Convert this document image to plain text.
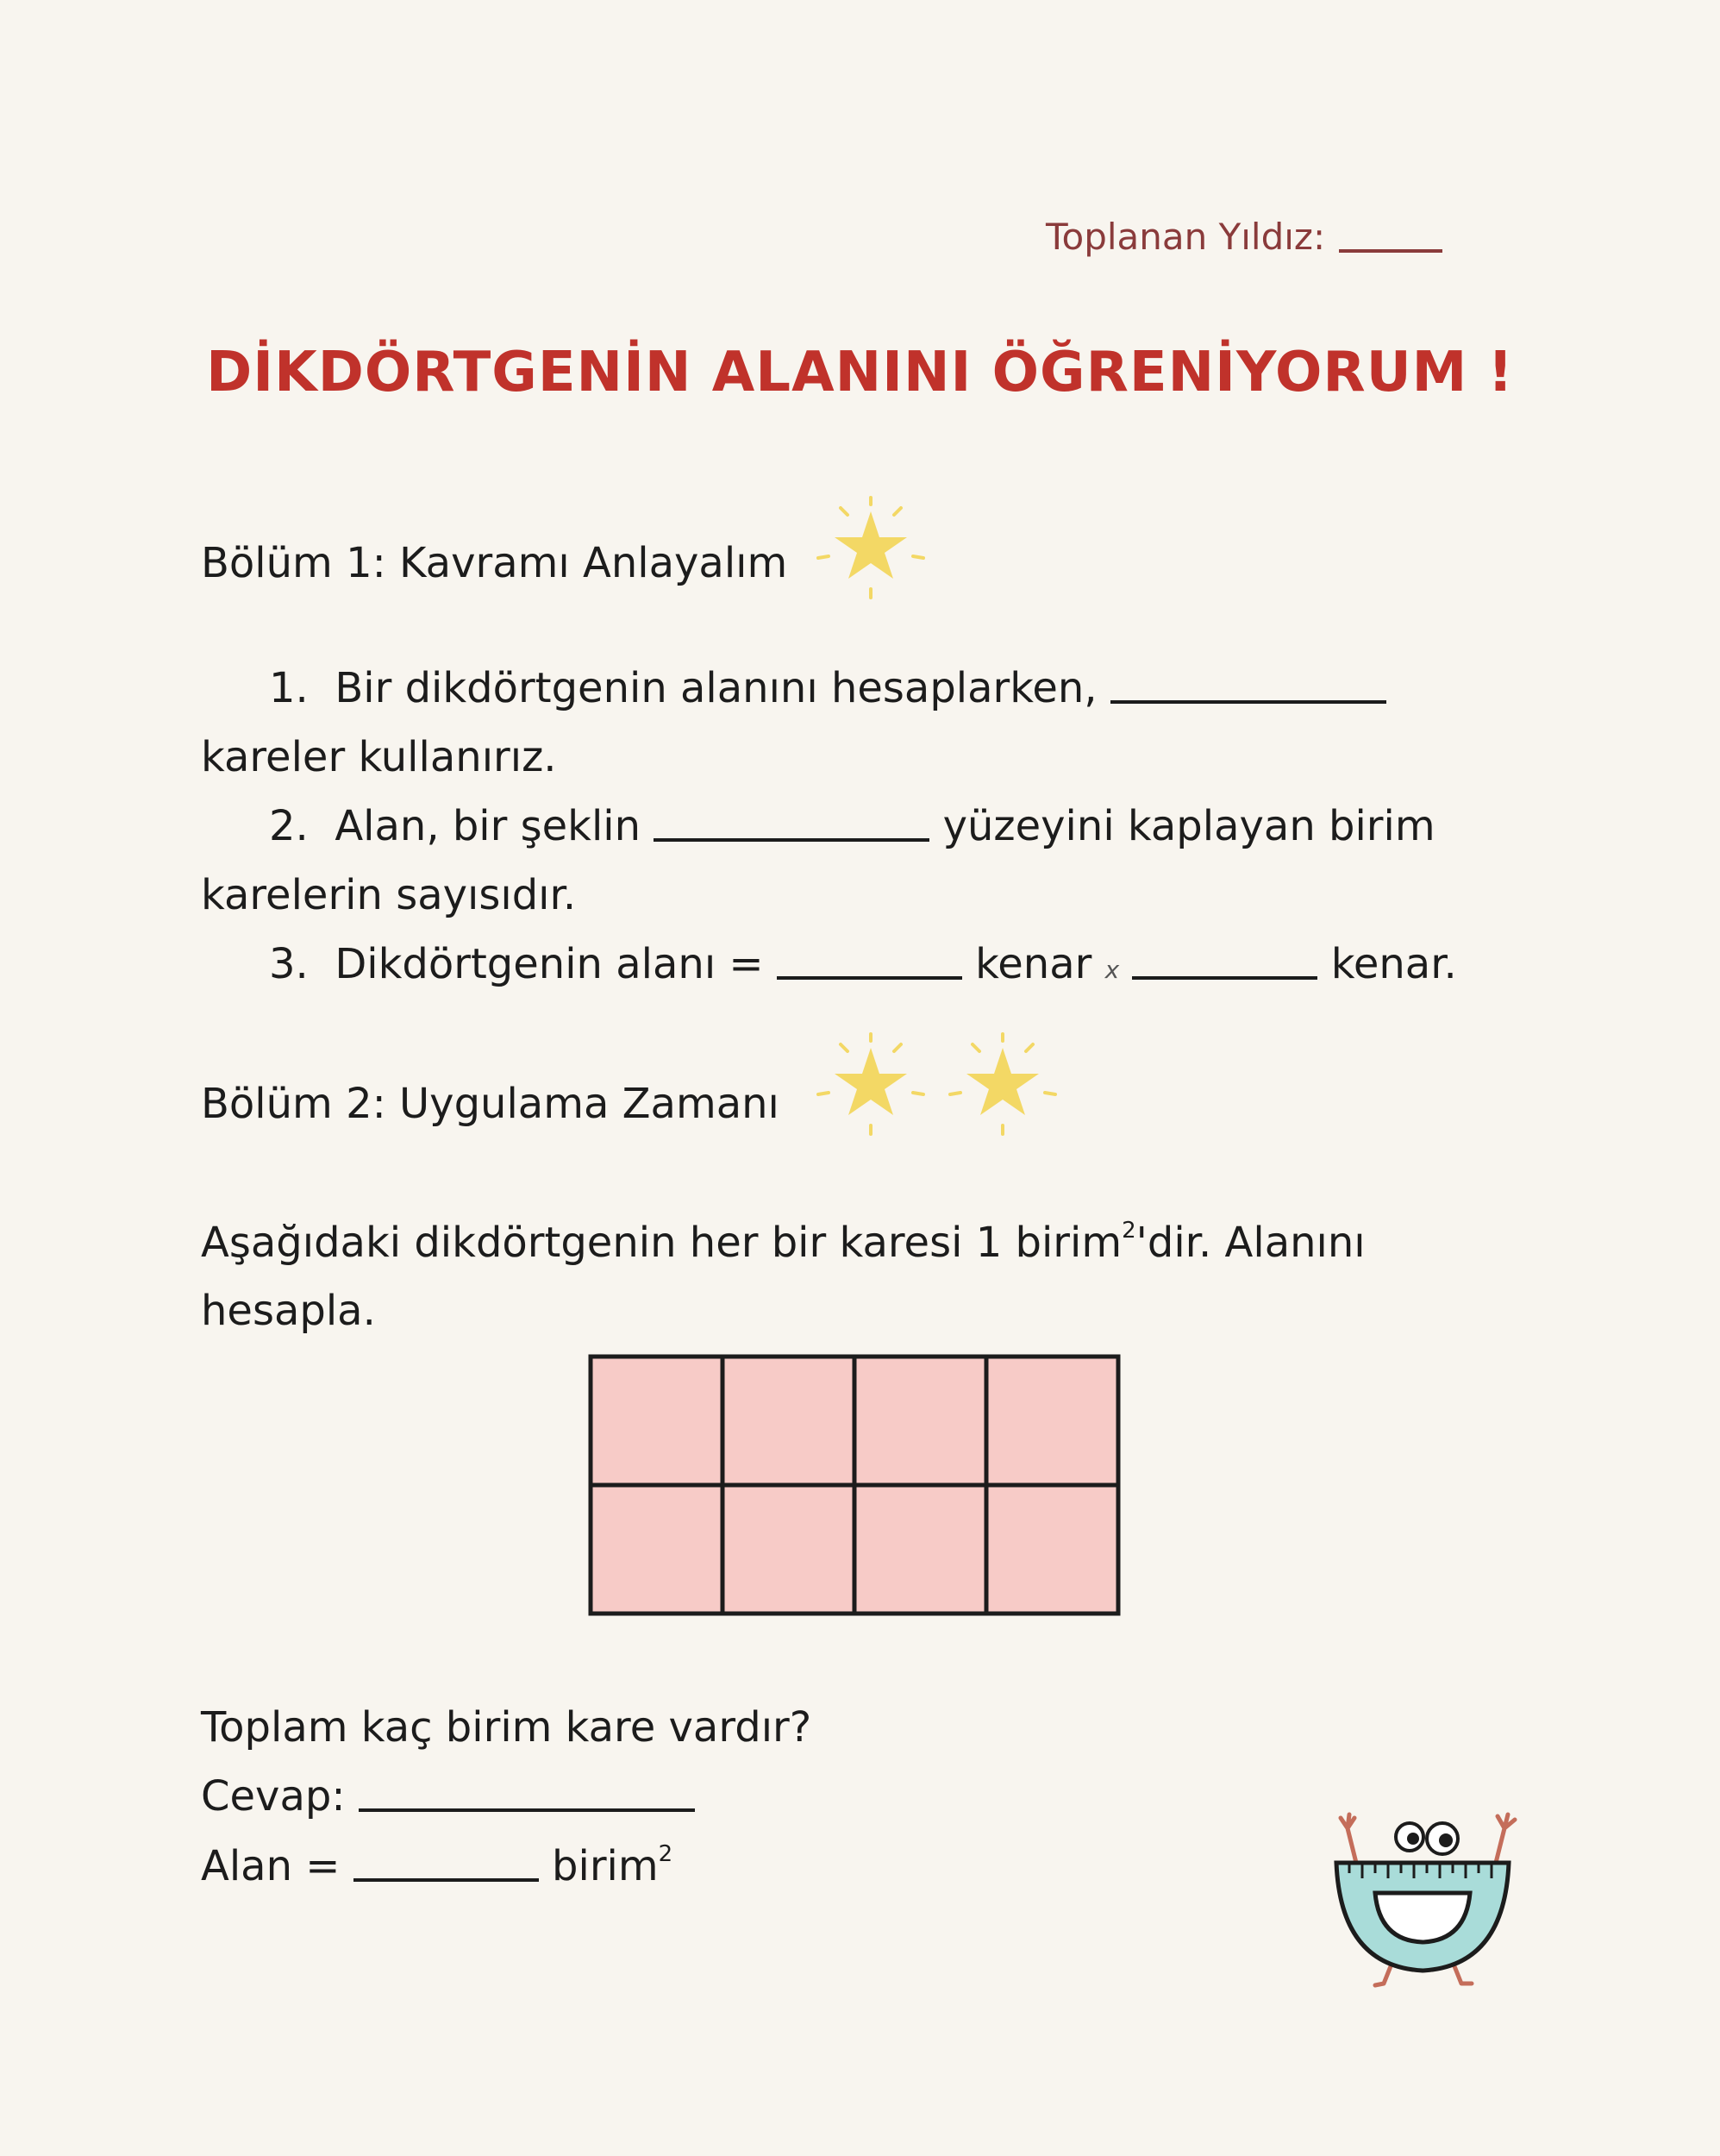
Toplanan Yıldız:
DİKDÖRTGENİN ALANINI ÖĞRENİYORUM !
Bölüm 1: Kavramı Anlayalım
1. Bir dikdörtgenin alanını hesaplarken,
kareler kullanırız.
2. Alan, bir şeklin	yüzeyini kaplayan birim
karelerin sayısıdır.
3. Dikdörtgenin alanı =	kenar x	kenar.
Bölüm 2: Uygulama Zamanı
Aşağıdaki dikdörtgenin her bir karesi 1 birim$^2$'dir. Alanını
hesapla.
Toplam kaç birim kare vardır?
Cevap:
Alan =	birim$^2$
